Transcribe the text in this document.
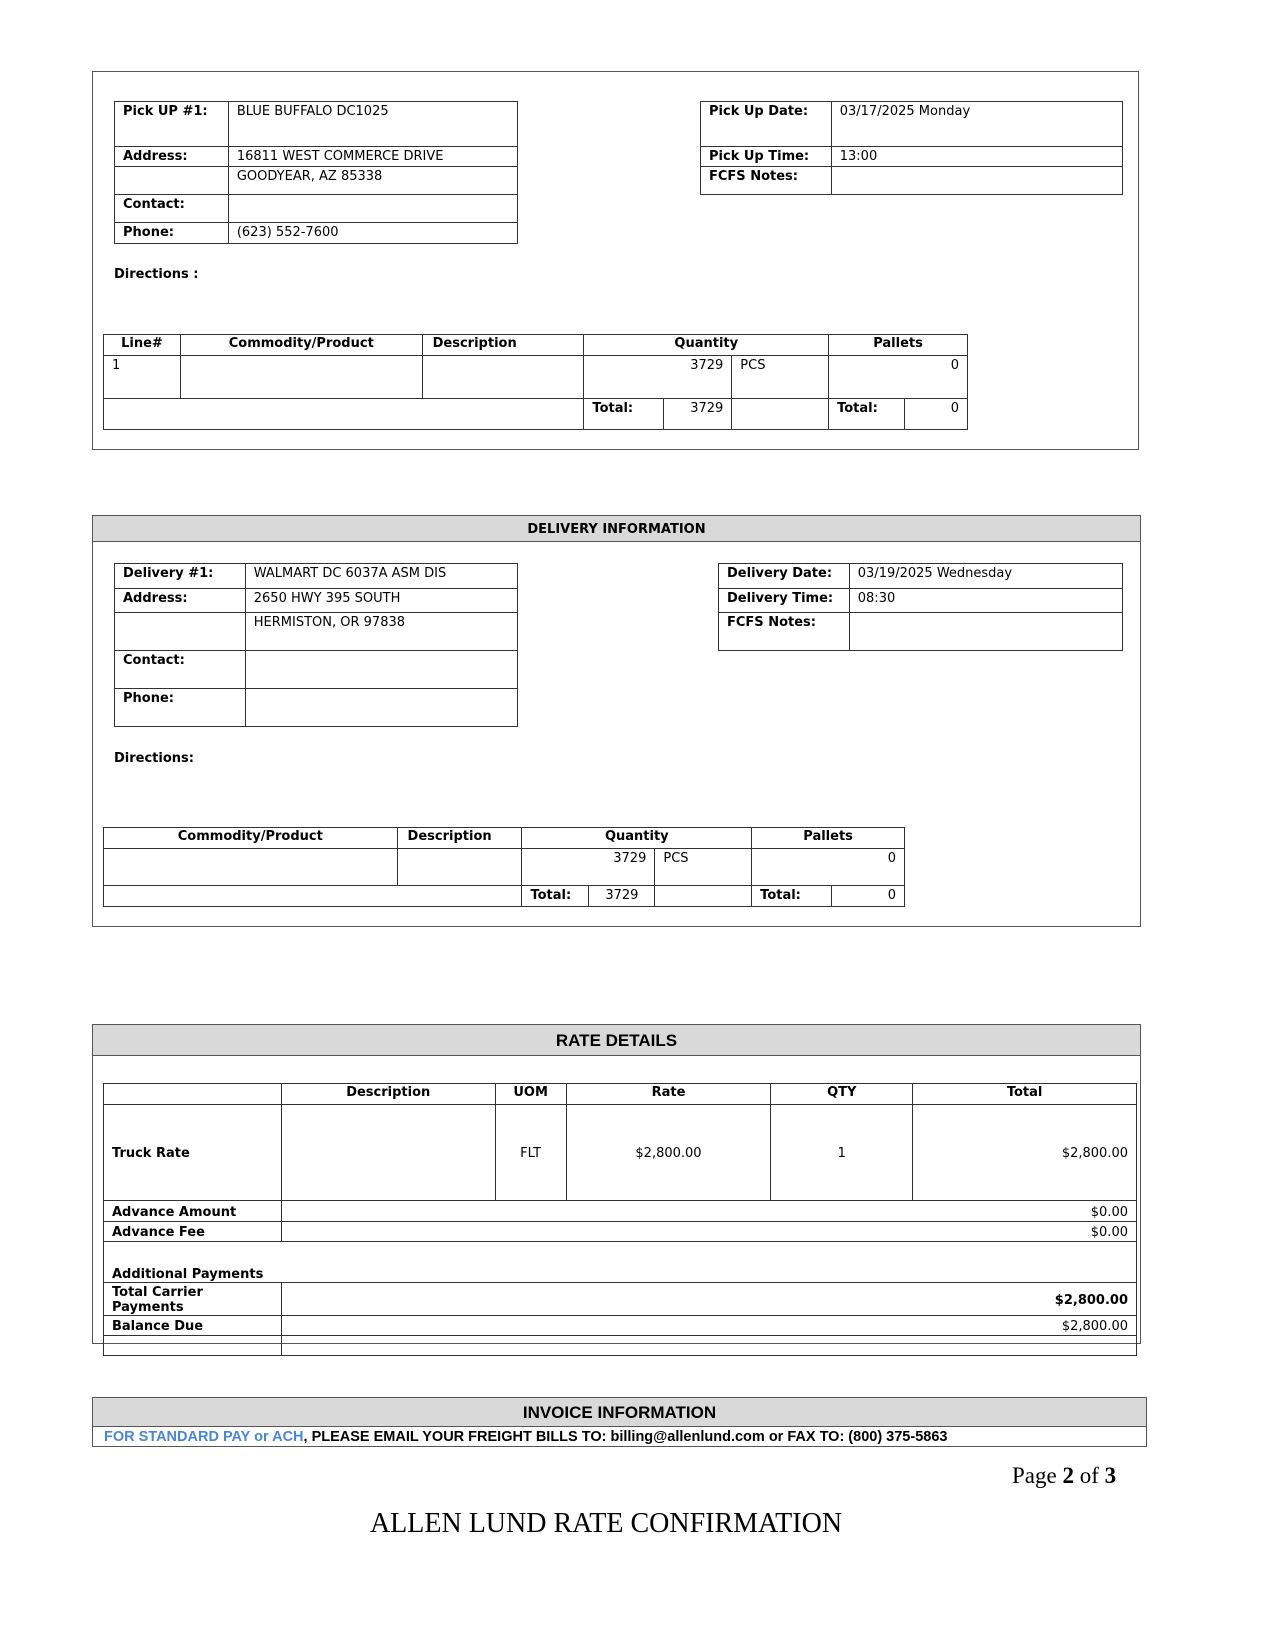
Pick UP #1:	BLUE BUFFALO DC1025
Address:	16811 WEST COMMERCE DRIVE
	GOODYEAR, AZ 85338
Contact:	
Phone:	(623) 552-7600
Pick Up Date:	03/17/2025 Monday
Pick Up Time:	13:00
FCFS Notes:	
Directions :
Line#	Commodity/Product	Description	Quantity			Pallets	
1			3729		PCS	0	
			Total:	3729		Total:	0
DELIVERY INFORMATION
Delivery #1:	WALMART DC 6037A ASM DIS
Address:	2650 HWY 395 SOUTH
	HERMISTON, OR 97838
Contact:	
Phone:	
Delivery Date:	03/19/2025 Wednesday
Delivery Time:	08:30
FCFS Notes:	
Directions:
Commodity/Product	Description	Quantity			Pallets	
		3729		PCS	0	
		Total:	3729		Total:	0
RATE DETAILS
	Description	UOM	Rate	QTY	Total
Truck Rate		FLT	$2,800.00	1	$2,800.00
Advance Amount	$0.00				
Advance Fee	$0.00				
Additional Payments					
Total Carrier Payments	$2,800.00				
Balance Due	$2,800.00				

INVOICE INFORMATION
FOR STANDARD PAY or ACH, PLEASE EMAIL YOUR FREIGHT BILLS TO: billing@allenlund.com or FAX TO: (800) 375-5863
Page 2 of 3
ALLEN LUND RATE CONFIRMATION
